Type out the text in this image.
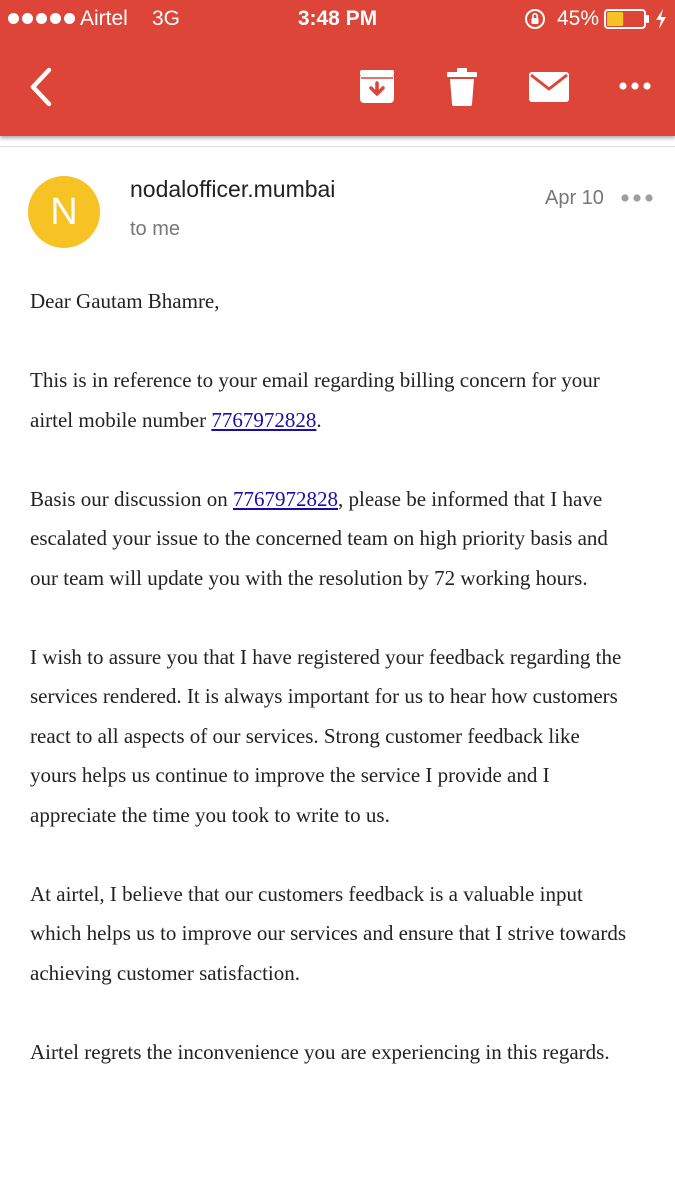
Airtel 3G	3:48 PM	45%
N
nodalofficer.mumbai
to me
Apr 10

Dear Gautam Bhamre,

This is in reference to your email regarding billing concern for your airtel mobile number 7767972828.

Basis our discussion on 7767972828, please be informed that I have escalated your issue to the concerned team on high priority basis and our team will update you with the resolution by 72 working hours.

I wish to assure you that I have registered your feedback regarding the services rendered. It is always important for us to hear how customers react to all aspects of our services. Strong customer feedback like yours helps us continue to improve the service I provide and I appreciate the time you took to write to us.

At airtel, I believe that our customers feedback is a valuable input which helps us to improve our services and ensure that I strive towards achieving customer satisfaction.

Airtel regrets the inconvenience you are experiencing in this regards.
